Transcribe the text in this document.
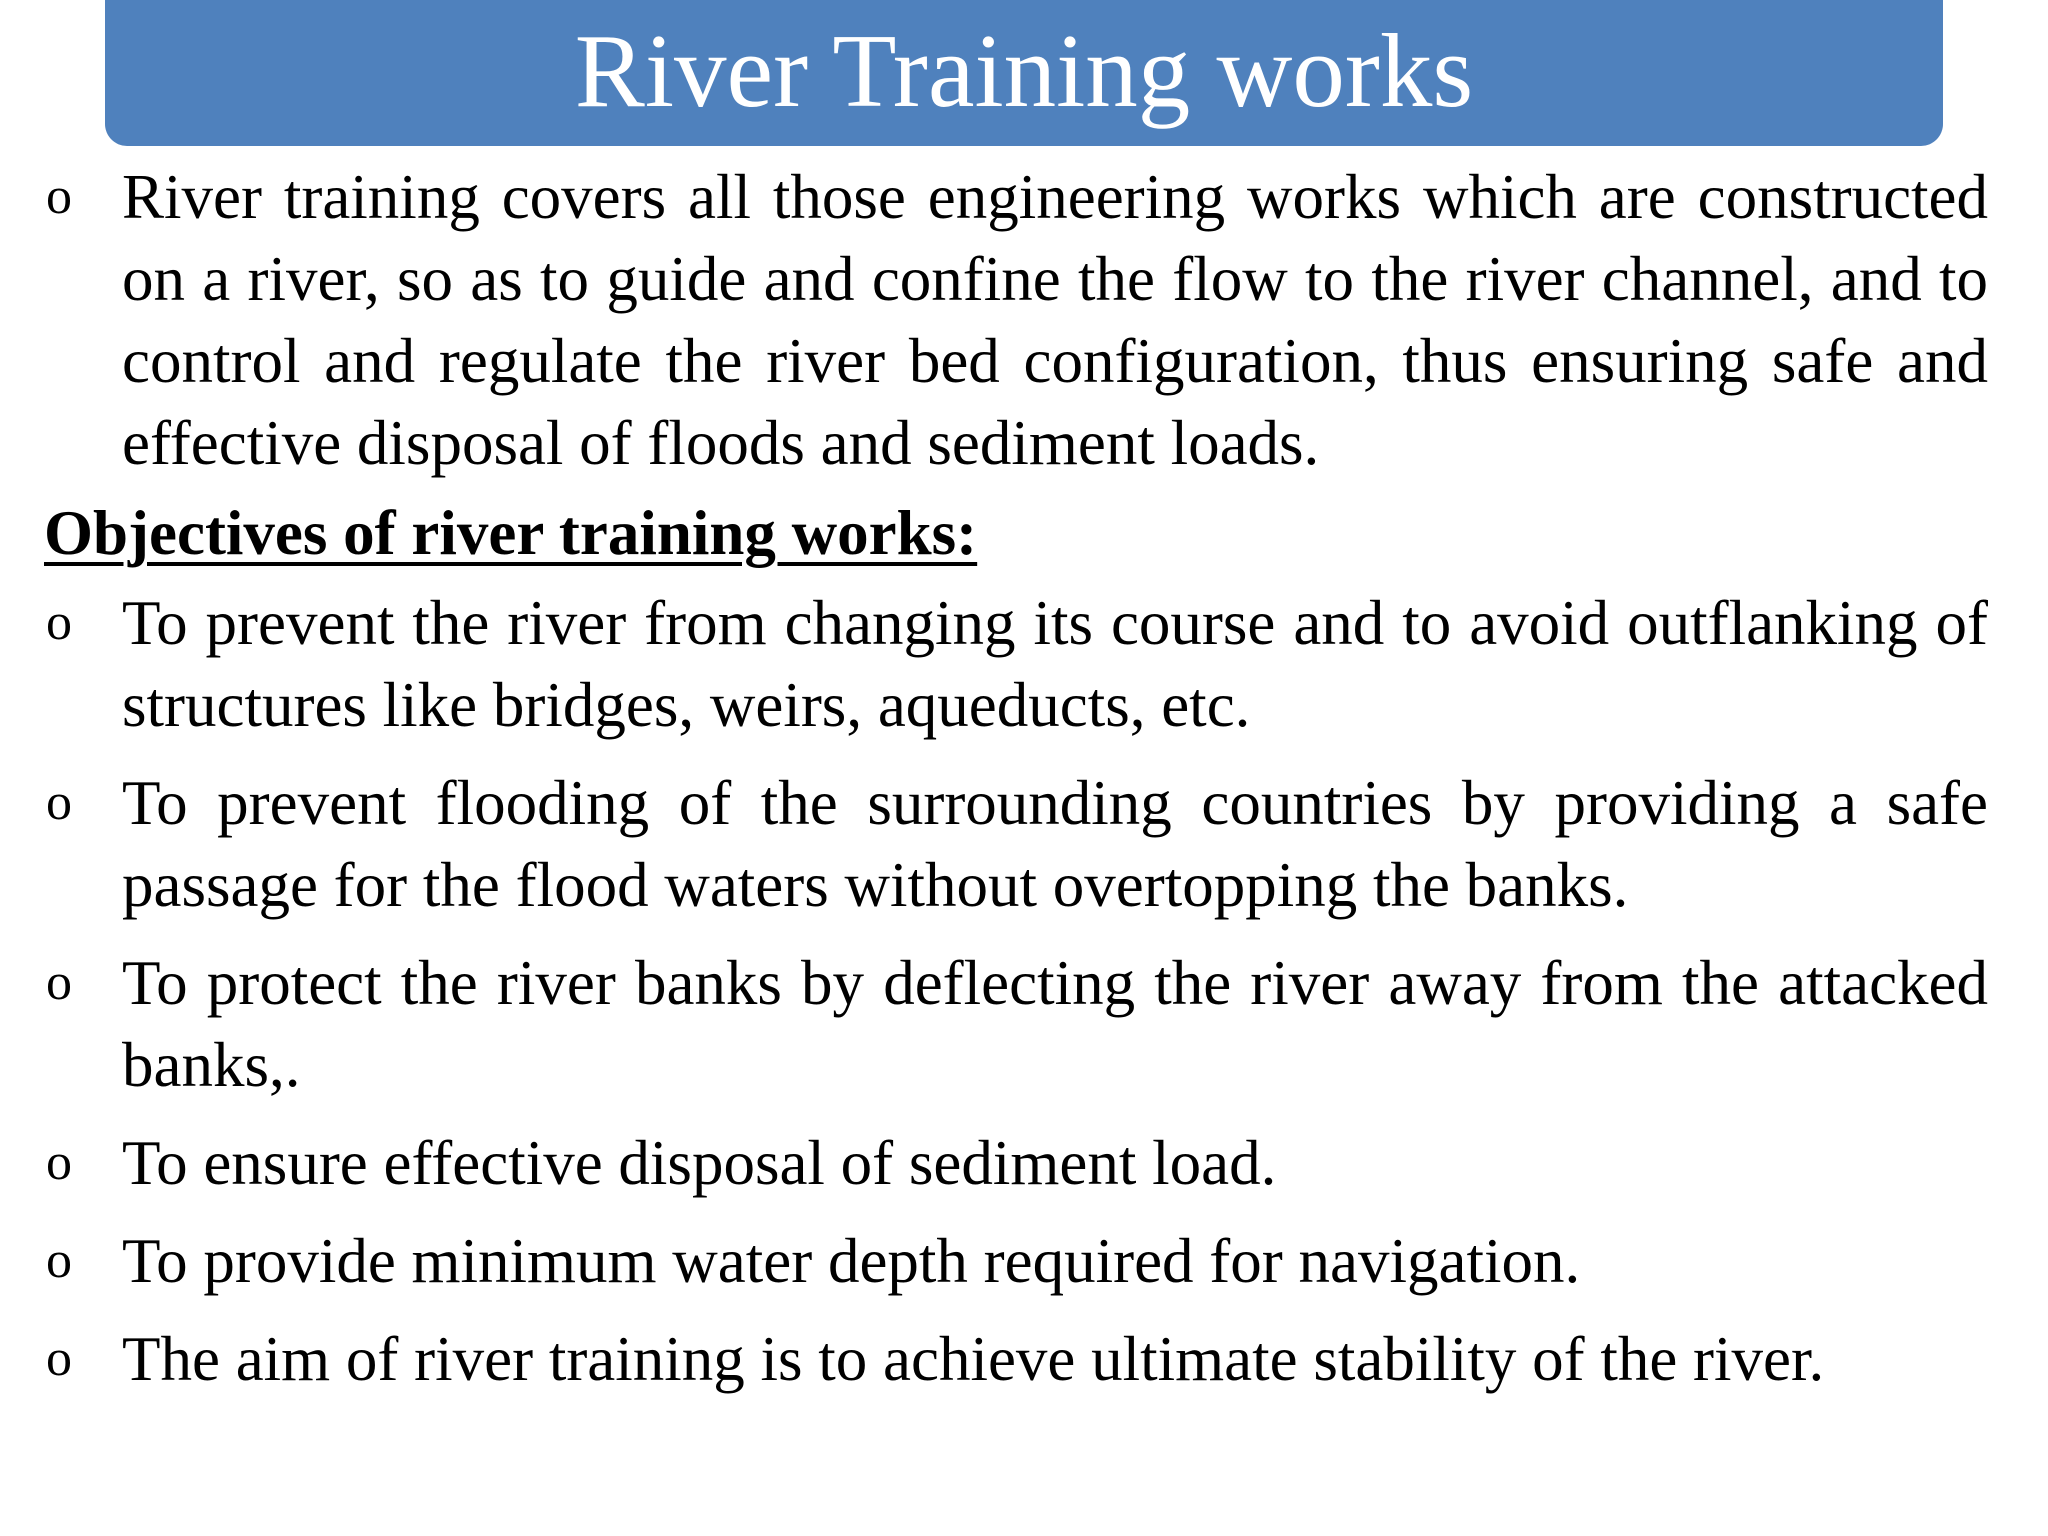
River Training works
o River training covers all those engineering works which are constructed on a river, so as to guide and confine the flow to the river channel, and to control and regulate the river bed configuration, thus ensuring safe and effective disposal of floods and sediment loads.
Objectives of river training works:
o To prevent the river from changing its course and to avoid outflanking of structures like bridges, weirs, aqueducts, etc.
o To prevent flooding of the surrounding countries by providing a safe passage for the flood waters without overtopping the banks.
o To protect the river banks by deflecting the river away from the attacked banks,.
o To ensure effective disposal of sediment load.
o To provide minimum water depth required for navigation.
o The aim of river training is to achieve ultimate stability of the river.
